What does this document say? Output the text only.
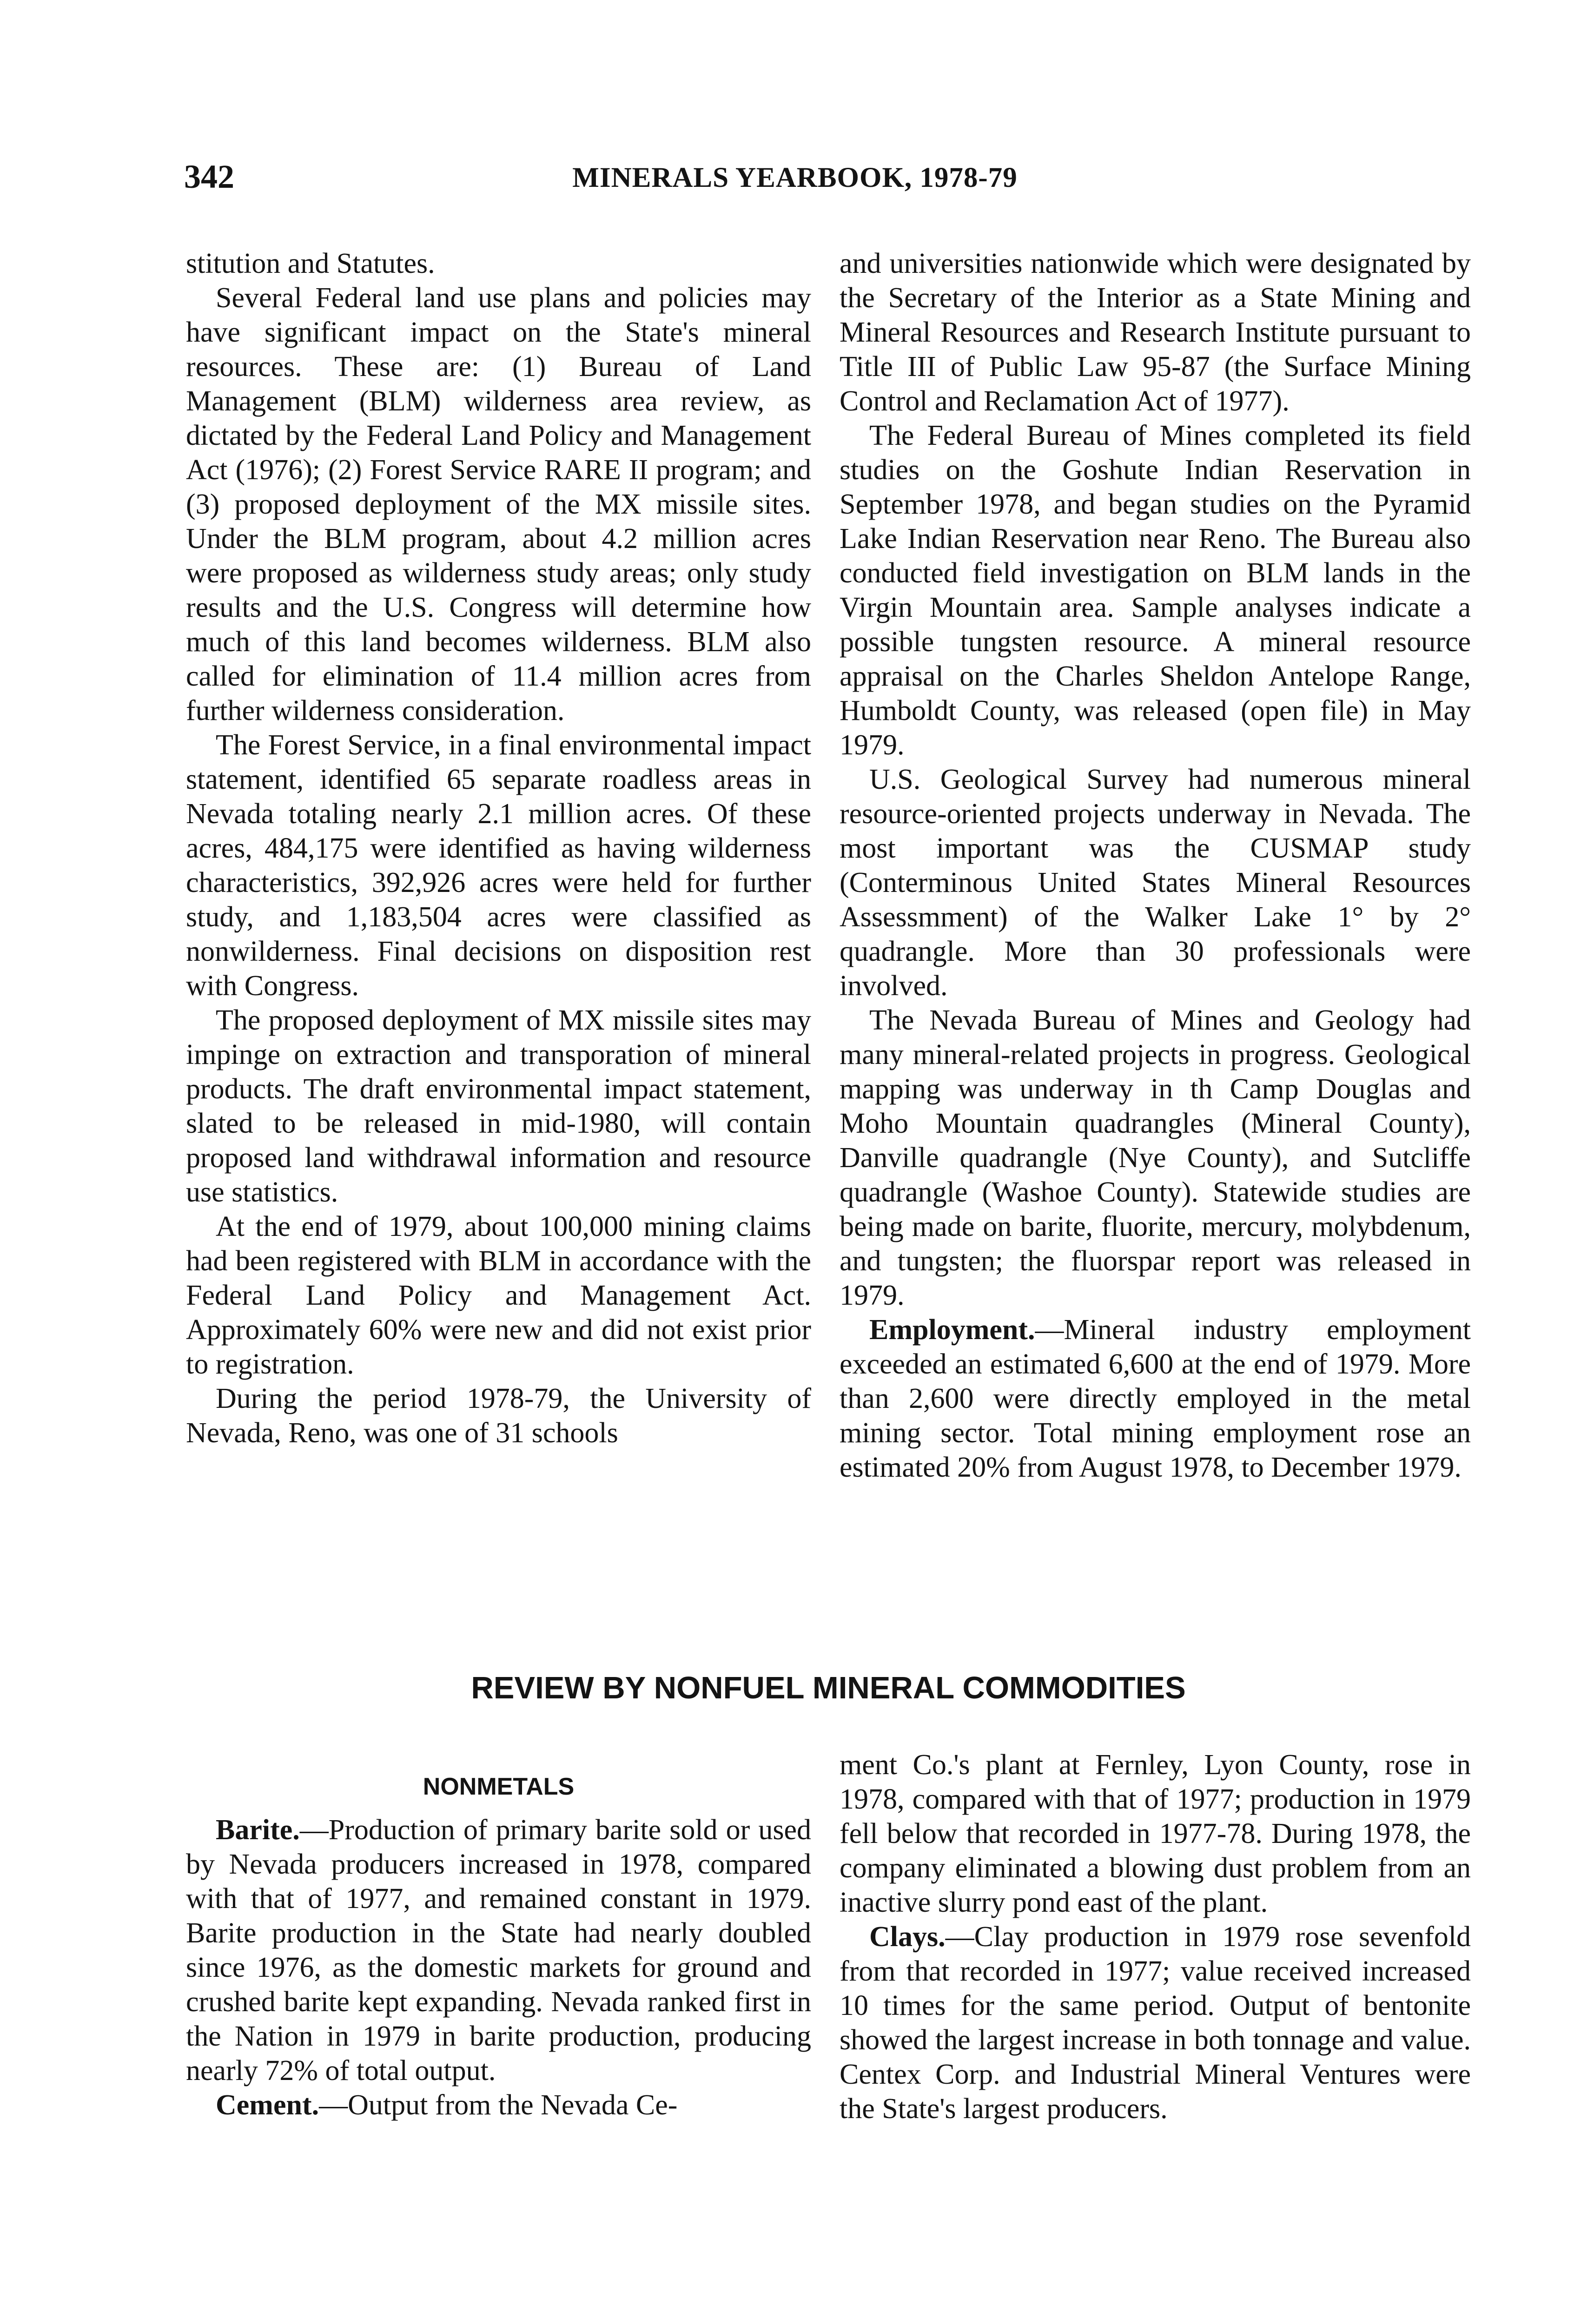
342	MINERALS YEARBOOK, 1978-79

stitution and Statutes.

Several Federal land use plans and policies may have significant impact on the State's mineral resources. These are: (1) Bureau of Land Management (BLM) wilderness area review, as dictated by the Federal Land Policy and Management Act (1976); (2) Forest Service RARE II program; and (3) proposed deployment of the MX missile sites. Under the BLM program, about 4.2 million acres were proposed as wilderness study areas; only study results and the U.S. Congress will determine how much of this land becomes wilderness. BLM also called for elimination of 11.4 million acres from further wilderness consideration.

The Forest Service, in a final environmental impact statement, identified 65 separate roadless areas in Nevada totaling nearly 2.1 million acres. Of these acres, 484,175 were identified as having wilderness characteristics, 392,926 acres were held for further study, and 1,183,504 acres were classified as nonwilderness. Final decisions on disposition rest with Congress.

The proposed deployment of MX missile sites may impinge on extraction and transporation of mineral products. The draft environmental impact statement, slated to be released in mid-1980, will contain proposed land withdrawal information and resource use statistics.

At the end of 1979, about 100,000 mining claims had been registered with BLM in accordance with the Federal Land Policy and Management Act. Approximately 60% were new and did not exist prior to registration.

During the period 1978-79, the University of Nevada, Reno, was one of 31 schools

and universities nationwide which were designated by the Secretary of the Interior as a State Mining and Mineral Resources and Research Institute pursuant to Title III of Public Law 95-87 (the Surface Mining Control and Reclamation Act of 1977).

The Federal Bureau of Mines completed its field studies on the Goshute Indian Reservation in September 1978, and began studies on the Pyramid Lake Indian Reservation near Reno. The Bureau also conducted field investigation on BLM lands in the Virgin Mountain area. Sample analyses indicate a possible tungsten resource. A mineral resource appraisal on the Charles Sheldon Antelope Range, Humboldt County, was released (open file) in May 1979.

U.S. Geological Survey had numerous mineral resource-oriented projects underway in Nevada. The most important was the CUSMAP study (Conterminous United States Mineral Resources Assessmment) of the Walker Lake 1° by 2° quadrangle. More than 30 professionals were involved.

The Nevada Bureau of Mines and Geology had many mineral-related projects in progress. Geological mapping was underway in th Camp Douglas and Moho Mountain quadrangles (Mineral County), Danville quadrangle (Nye County), and Sutcliffe quadrangle (Washoe County). Statewide studies are being made on barite, fluorite, mercury, molybdenum, and tungsten; the fluorspar report was released in 1979.

Employment.—Mineral industry employment exceeded an estimated 6,600 at the end of 1979. More than 2,600 were directly employed in the metal mining sector. Total mining employment rose an estimated 20% from August 1978, to December 1979.

REVIEW BY NONFUEL MINERAL COMMODITIES
NONMETALS

Barite.—Production of primary barite sold or used by Nevada producers increased in 1978, compared with that of 1977, and remained constant in 1979. Barite production in the State had nearly doubled since 1976, as the domestic markets for ground and crushed barite kept expanding. Nevada ranked first in the Nation in 1979 in barite production, producing nearly 72% of total output.

Cement.—Output from the Nevada Ce-

ment Co.'s plant at Fernley, Lyon County, rose in 1978, compared with that of 1977; production in 1979 fell below that recorded in 1977-78. During 1978, the company eliminated a blowing dust problem from an inactive slurry pond east of the plant.

Clays.—Clay production in 1979 rose sevenfold from that recorded in 1977; value received increased 10 times for the same period. Output of bentonite showed the largest increase in both tonnage and value. Centex Corp. and Industrial Mineral Ventures were the State's largest producers.
